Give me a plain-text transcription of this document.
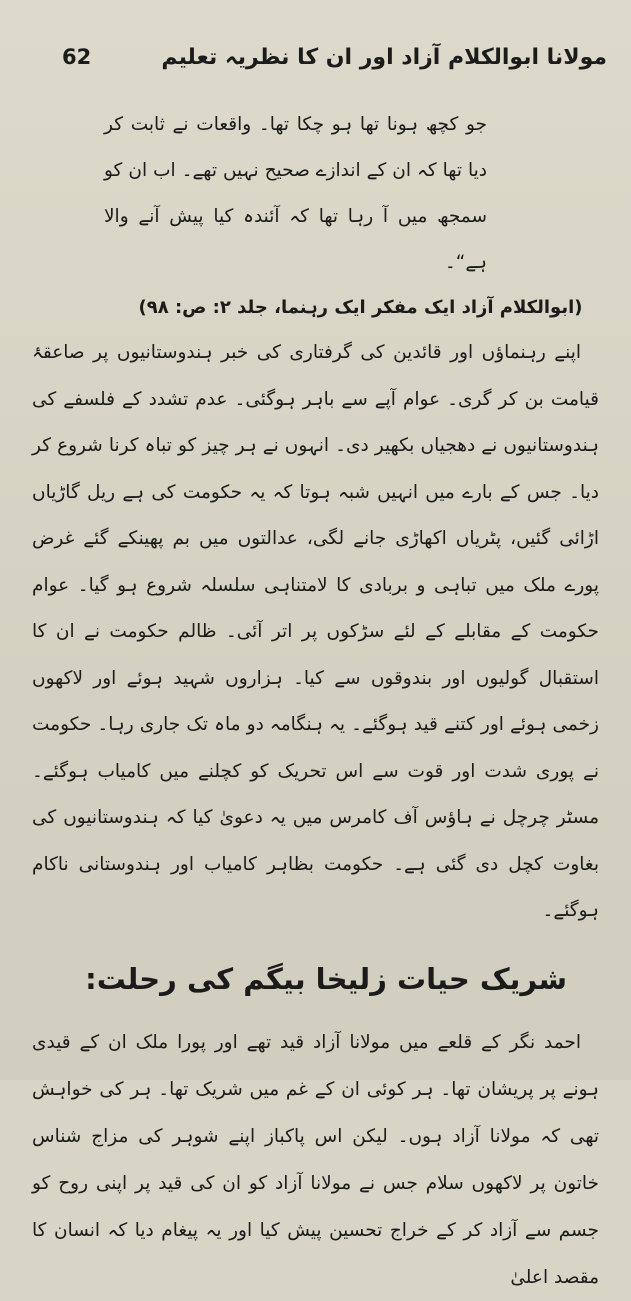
62	مولانا ابوالکلام آزاد اور ان کا نظریہ تعلیم

جو کچھ ہونا تھا ہو چکا تھا۔ واقعات نے ثابت کر دیا تھا کہ ان کے اندازے صحیح نہیں تھے۔ اب ان کو سمجھ میں آ رہا تھا کہ آئندہ کیا پیش آنے والا ہے“۔

(ابوالکلام آزاد ایک مفکر ایک رہنما، جلد ۲: ص: ۹۸)

اپنے رہنماؤں اور قائدین کی گرفتاری کی خبر ہندوستانیوں پر صاعقۂ قیامت بن کر گری۔ عوام آپے سے باہر ہوگئی۔ عدم تشدد کے فلسفے کی ہندوستانیوں نے دھجیاں بکھیر دی۔ انہوں نے ہر چیز کو تباہ کرنا شروع کر دیا۔ جس کے بارے میں انہیں شبہ ہوتا کہ یہ حکومت کی ہے ریل گاڑیاں اڑائی گئیں، پٹریاں اکھاڑی جانے لگی، عدالتوں میں بم پھینکے گئے غرض پورے ملک میں تباہی و بربادی کا لامتناہی سلسلہ شروع ہو گیا۔ عوام حکومت کے مقابلے کے لئے سڑکوں پر اتر آئی۔ ظالم حکومت نے ان کا استقبال گولیوں اور بندوقوں سے کیا۔ ہزاروں شہید ہوئے اور لاکھوں زخمی ہوئے اور کتنے قید ہوگئے۔ یہ ہنگامہ دو ماہ تک جاری رہا۔ حکومت نے پوری شدت اور قوت سے اس تحریک کو کچلنے میں کامیاب ہوگئے۔ مسٹر چرچل نے ہاؤس آف کامرس میں یہ دعویٰ کیا کہ ہندوستانیوں کی بغاوت کچل دی گئی ہے۔ حکومت بظاہر کامیاب اور ہندوستانی ناکام ہوگئے۔

شریک حیات زلیخا بیگم کی رحلت:

احمد نگر کے قلعے میں مولانا آزاد قید تھے اور پورا ملک ان کے قیدی ہونے پر پریشان تھا۔ ہر کوئی ان کے غم میں شریک تھا۔ ہر کی خواہش تھی کہ مولانا آزاد ہوں۔ لیکن اس پاکباز اپنے شوہر کی مزاج شناس خاتون پر لاکھوں سلام جس نے مولانا آزاد کو ان کی قید پر اپنی روح کو جسم سے آزاد کر کے خراج تحسین پیش کیا اور یہ پیغام دیا کہ انسان کا مقصد اعلیٰ
